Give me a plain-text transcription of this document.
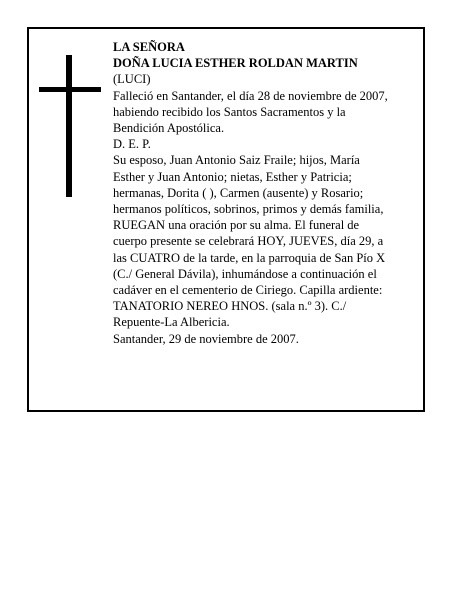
LA SEÑORA
DOÑA LUCIA ESTHER ROLDAN MARTIN
(LUCI)
Falleció en Santander, el día 28 de noviembre de 2007,
habiendo recibido los Santos Sacramentos y la
Bendición Apostólica.
D. E. P.
Su esposo, Juan Antonio Saiz Fraile; hijos, María
Esther y Juan Antonio; nietas, Esther y Patricia;
hermanas, Dorita ( ), Carmen (ausente) y Rosario;
hermanos políticos, sobrinos, primos y demás familia,
RUEGAN una oración por su alma. El funeral de
cuerpo presente se celebrará HOY, JUEVES, día 29, a
las CUATRO de la tarde, en la parroquia de San Pío X
(C./ General Dávila), inhumándose a continuación el
cadáver en el cementerio de Ciriego. Capilla ardiente:
TANATORIO NEREO HNOS. (sala n.º 3). C./
Repuente-La Albericia.
Santander, 29 de noviembre de 2007.
